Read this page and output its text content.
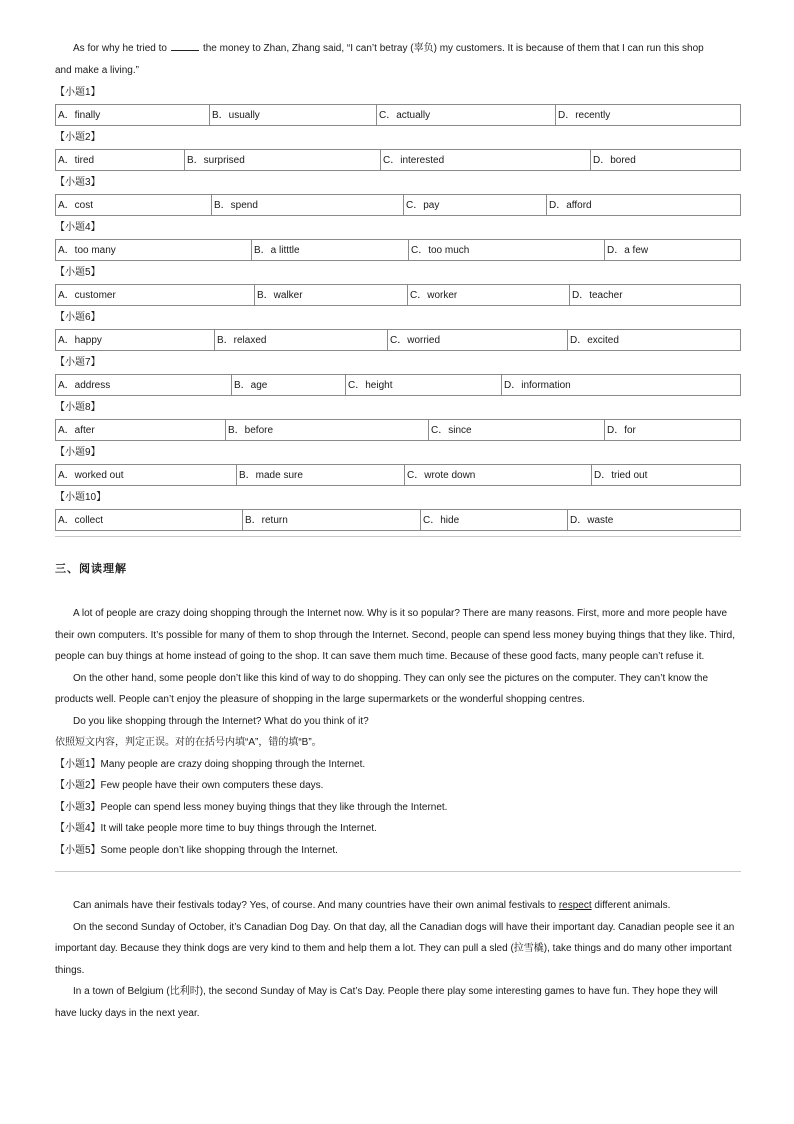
As for why he tried to	the money to Zhan, Zhang said, “I can’t betray (辜负) my customers. It is because of them that I can run this shop

and make a living.”

【小题1】
A．finally	B．usually	C．actually	D．recently
【小题2】
A．tired	B．surprised	C．interested	D．bored
【小题3】
A．cost	B．spend	C．pay	D．afford
【小题4】
A．too many	B．a litttle	C．too much	D．a few
【小题5】
A．customer	B．walker	C．worker	D．teacher
【小题6】
A．happy	B．relaxed	C．worried	D．excited
【小题7】
A．address	B．age	C．height	D．information
【小题8】
A．after	B．before	C．since	D．for
【小题9】
A．worked out	B．made sure	C．wrote down	D．tried out
【小题10】
A．collect	B．return	C．hide	D．waste
三、阅读理解

A lot of people are crazy doing shopping through the Internet now. Why is it so popular? There are many reasons. First, more and more people have their own computers. It’s possible for many of them to shop through the Internet. Second, people can spend less money buying things that they like. Third, people can buy things at home instead of going to the shop. It can save them much time. Because of these good facts, many people can’t refuse it.

On the other hand, some people don’t like this kind of way to do shopping. They can only see the pictures on the computer. They can’t know the products well. People can’t enjoy the pleasure of shopping in the large supermarkets or the wonderful shopping centres.

Do you like shopping through the Internet? What do you think of it?

依照短文内容，判定正误。对的在括号内填“A”，错的填“B”。

【小题1】Many people are crazy doing shopping through the Internet.

【小题2】Few people have their own computers these days.

【小题3】People can spend less money buying things that they like through the Internet.

【小题4】It will take people more time to buy things through the Internet.

【小题5】Some people don’t like shopping through the Internet.

Can animals have their festivals today? Yes, of course. And many countries have their own animal festivals to respect different animals.

On the second Sunday of October, it’s Canadian Dog Day. On that day, all the Canadian dogs will have their important day. Canadian people see it an important day. Because they think dogs are very kind to them and help them a lot. They can pull a sled (拉雪橇), take things and do many other important things.

In a town of Belgium (比利时), the second Sunday of May is Cat’s Day. People there play some interesting games to have fun. They hope they will have lucky days in the next year.
